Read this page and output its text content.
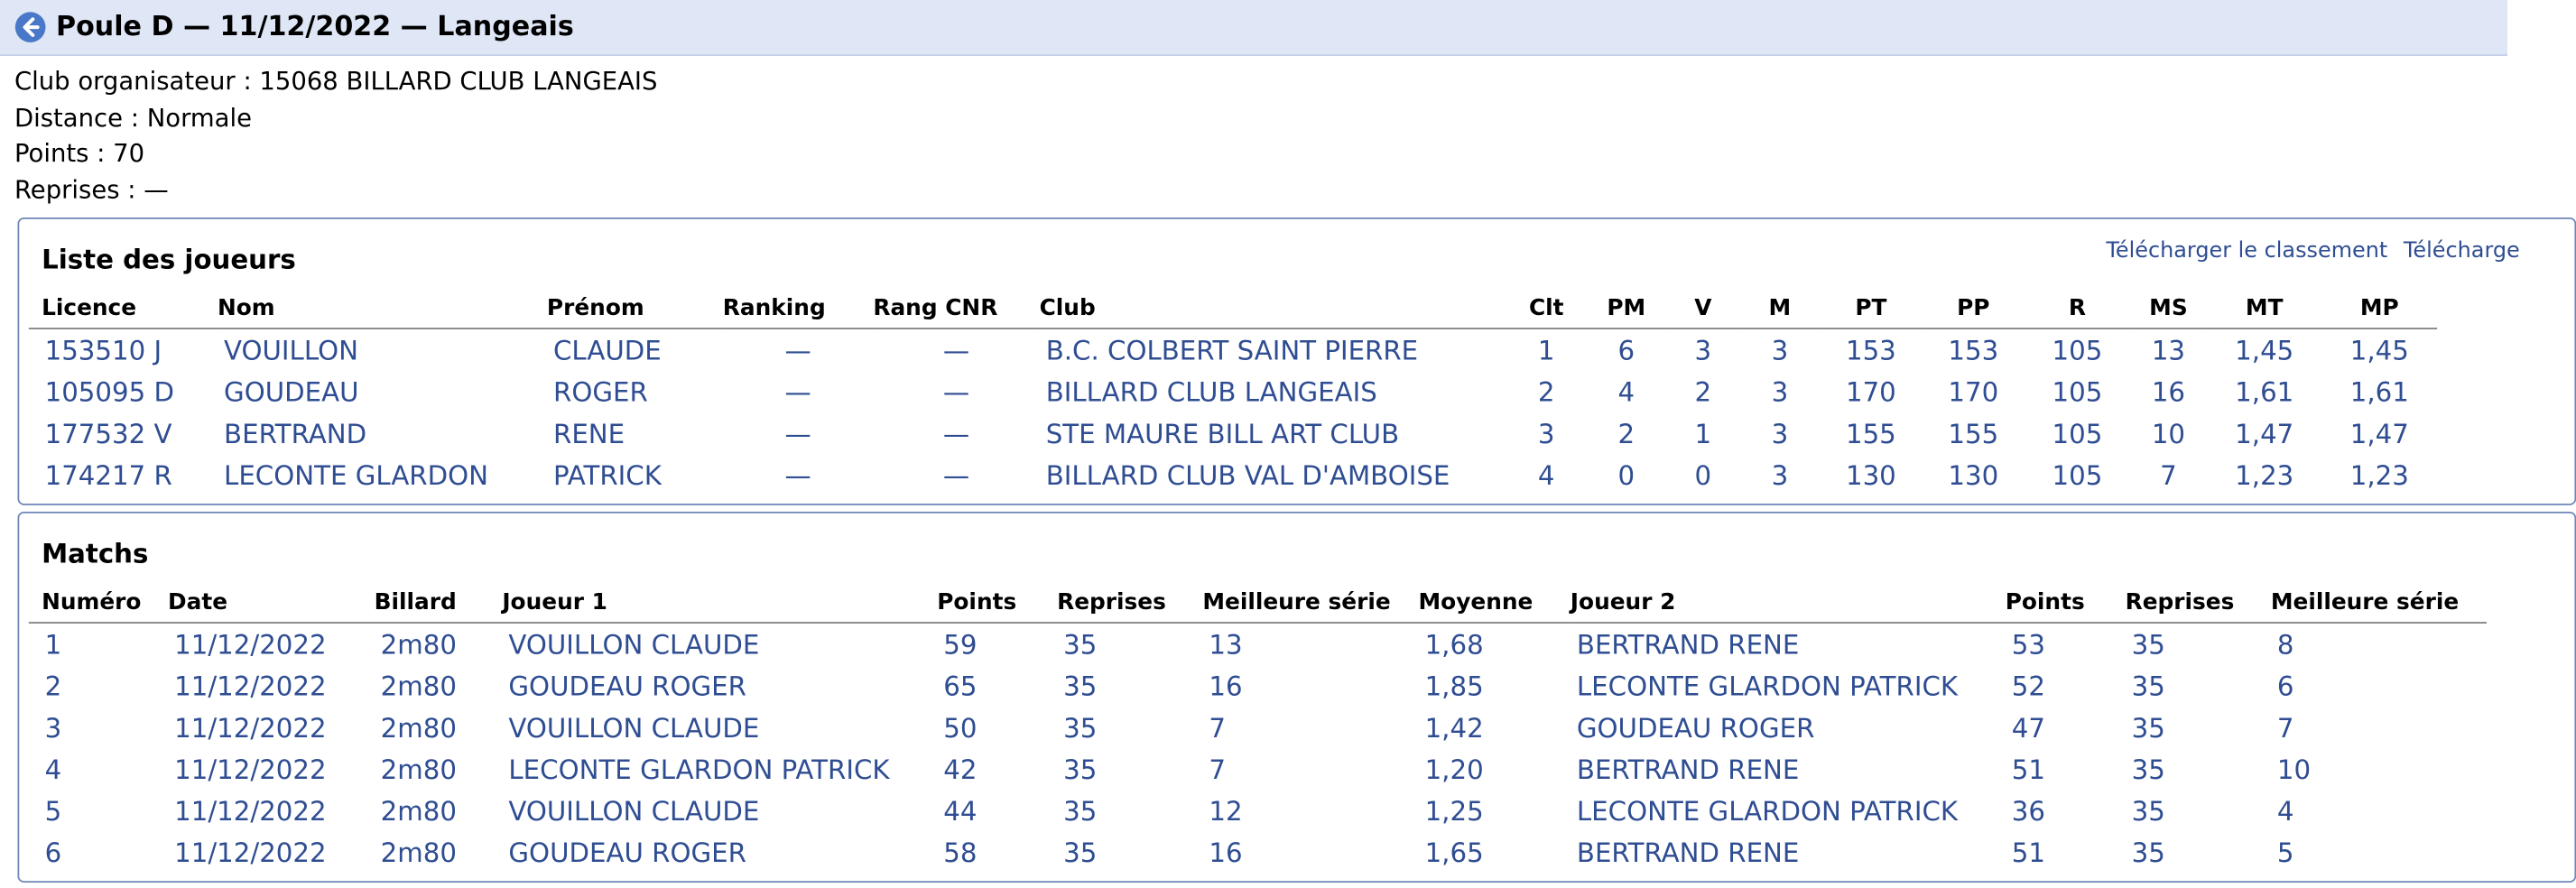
Poule D — 11/12/2022 — Langeais
Club organisateur : 15068 BILLARD CLUB LANGEAIS
Distance : Normale
Points : 70
Reprises : —
Liste des joueurs	Télécharger le classement Télécharge
Licence	Nom	Prénom	Ranking	Rang CNR	Club	Clt	PM	V	M	PT	PP	R	MS	MT	MP
153510 J	VOUILLON	CLAUDE	—	—	B.C. COLBERT SAINT PIERRE	1	6	3	3	153	153	105	13	1,45	1,45
105095 D	GOUDEAU	ROGER	—	—	BILLARD CLUB LANGEAIS	2	4	2	3	170	170	105	16	1,61	1,61
177532 V	BERTRAND	RENE	—	—	STE MAURE BILL ART CLUB	3	2	1	3	155	155	105	10	1,47	1,47
174217 R	LECONTE GLARDON	PATRICK	—	—	BILLARD CLUB VAL D'AMBOISE	4	0	0	3	130	130	105	7	1,23	1,23
Matchs
Numéro	Date	Billard	Joueur 1	Points	Reprises	Meilleure série	Moyenne	Joueur 2	Points	Reprises	Meilleure série
1	11/12/2022	2m80	VOUILLON CLAUDE	59	35	13	1,68	BERTRAND RENE	53	35	8
2	11/12/2022	2m80	GOUDEAU ROGER	65	35	16	1,85	LECONTE GLARDON PATRICK	52	35	6
3	11/12/2022	2m80	VOUILLON CLAUDE	50	35	7	1,42	GOUDEAU ROGER	47	35	7
4	11/12/2022	2m80	LECONTE GLARDON PATRICK	42	35	7	1,20	BERTRAND RENE	51	35	10
5	11/12/2022	2m80	VOUILLON CLAUDE	44	35	12	1,25	LECONTE GLARDON PATRICK	36	35	4
6	11/12/2022	2m80	GOUDEAU ROGER	58	35	16	1,65	BERTRAND RENE	51	35	5
